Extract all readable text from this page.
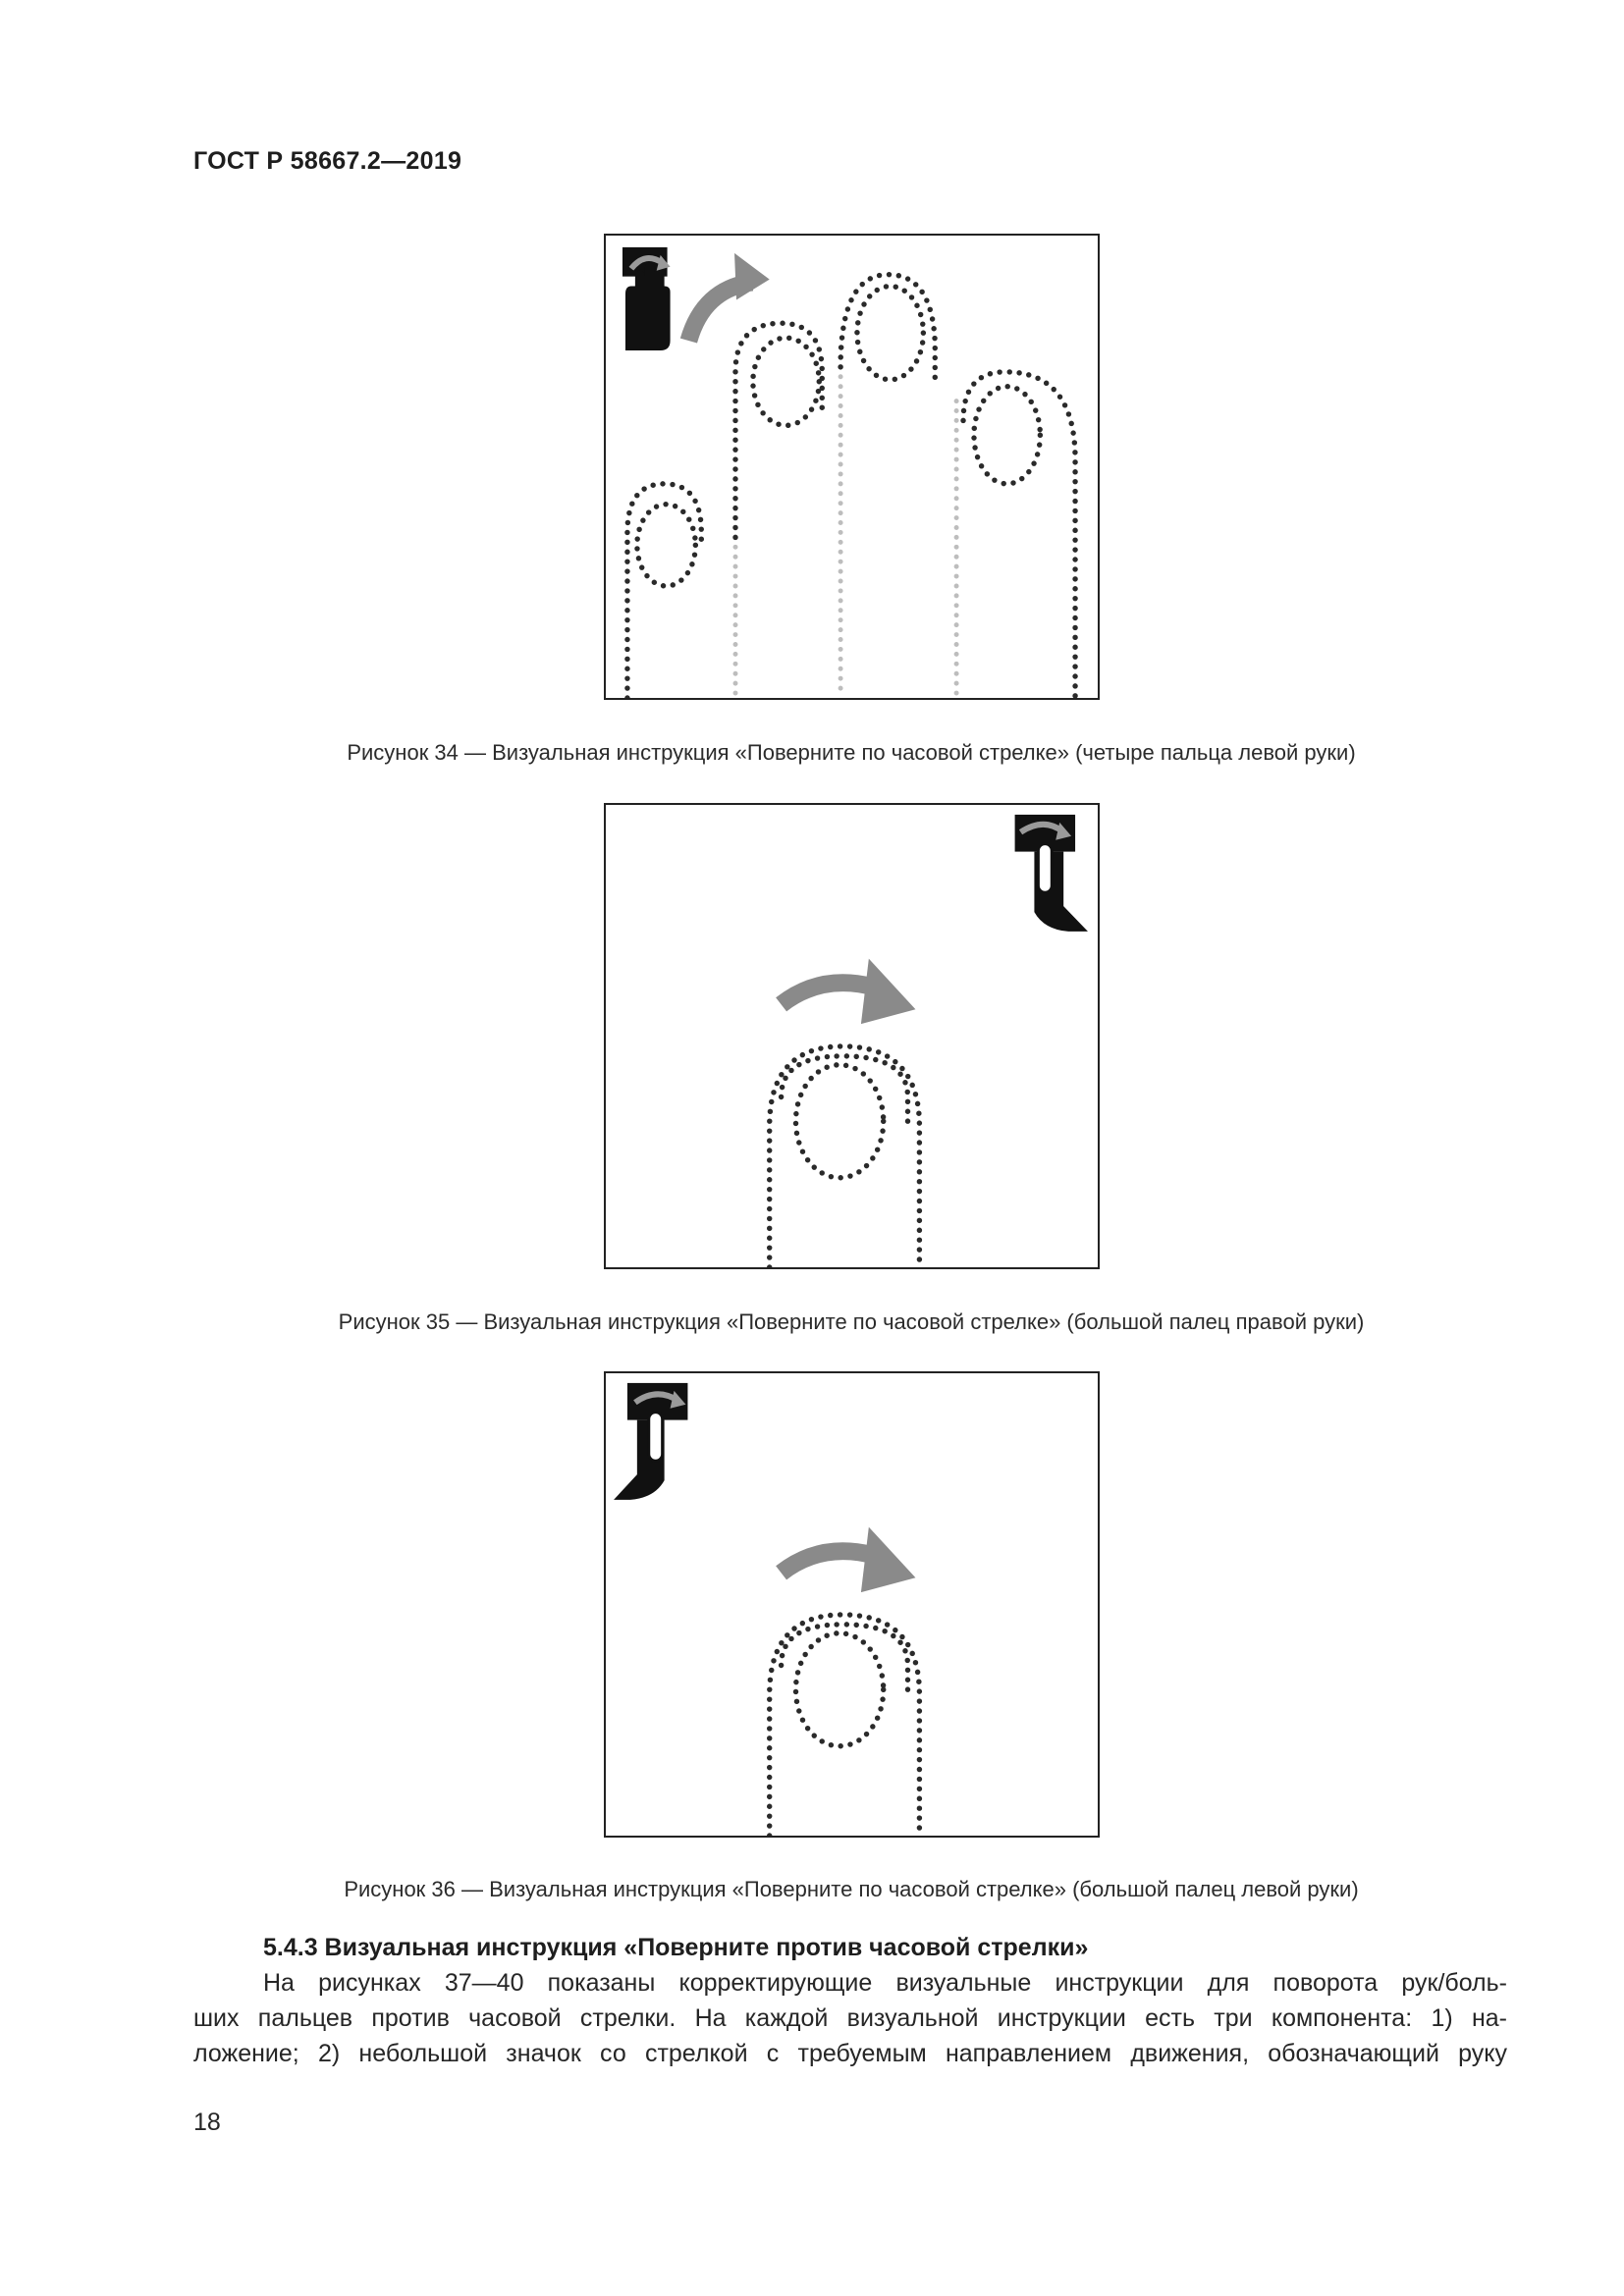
ГОСТ Р 58667.2—2019
Рисунок 34 — Визуальная инструкция «Поверните по часовой стрелке» (четыре пальца левой руки)
Рисунок 35 — Визуальная инструкция «Поверните по часовой стрелке» (большой палец правой руки)
Рисунок 36 — Визуальная инструкция «Поверните по часовой стрелке» (большой палец левой руки)
5.4.3 Визуальная инструкция «Поверните против часовой стрелки»
На рисунках 37—40 показаны корректирующие визуальные инструкции для поворота рук/боль-
ших пальцев против часовой стрелки. На каждой визуальной инструкции есть три компонента: 1) на-
ложение; 2) небольшой значок со стрелкой с требуемым направлением движения, обозначающий руку
18
